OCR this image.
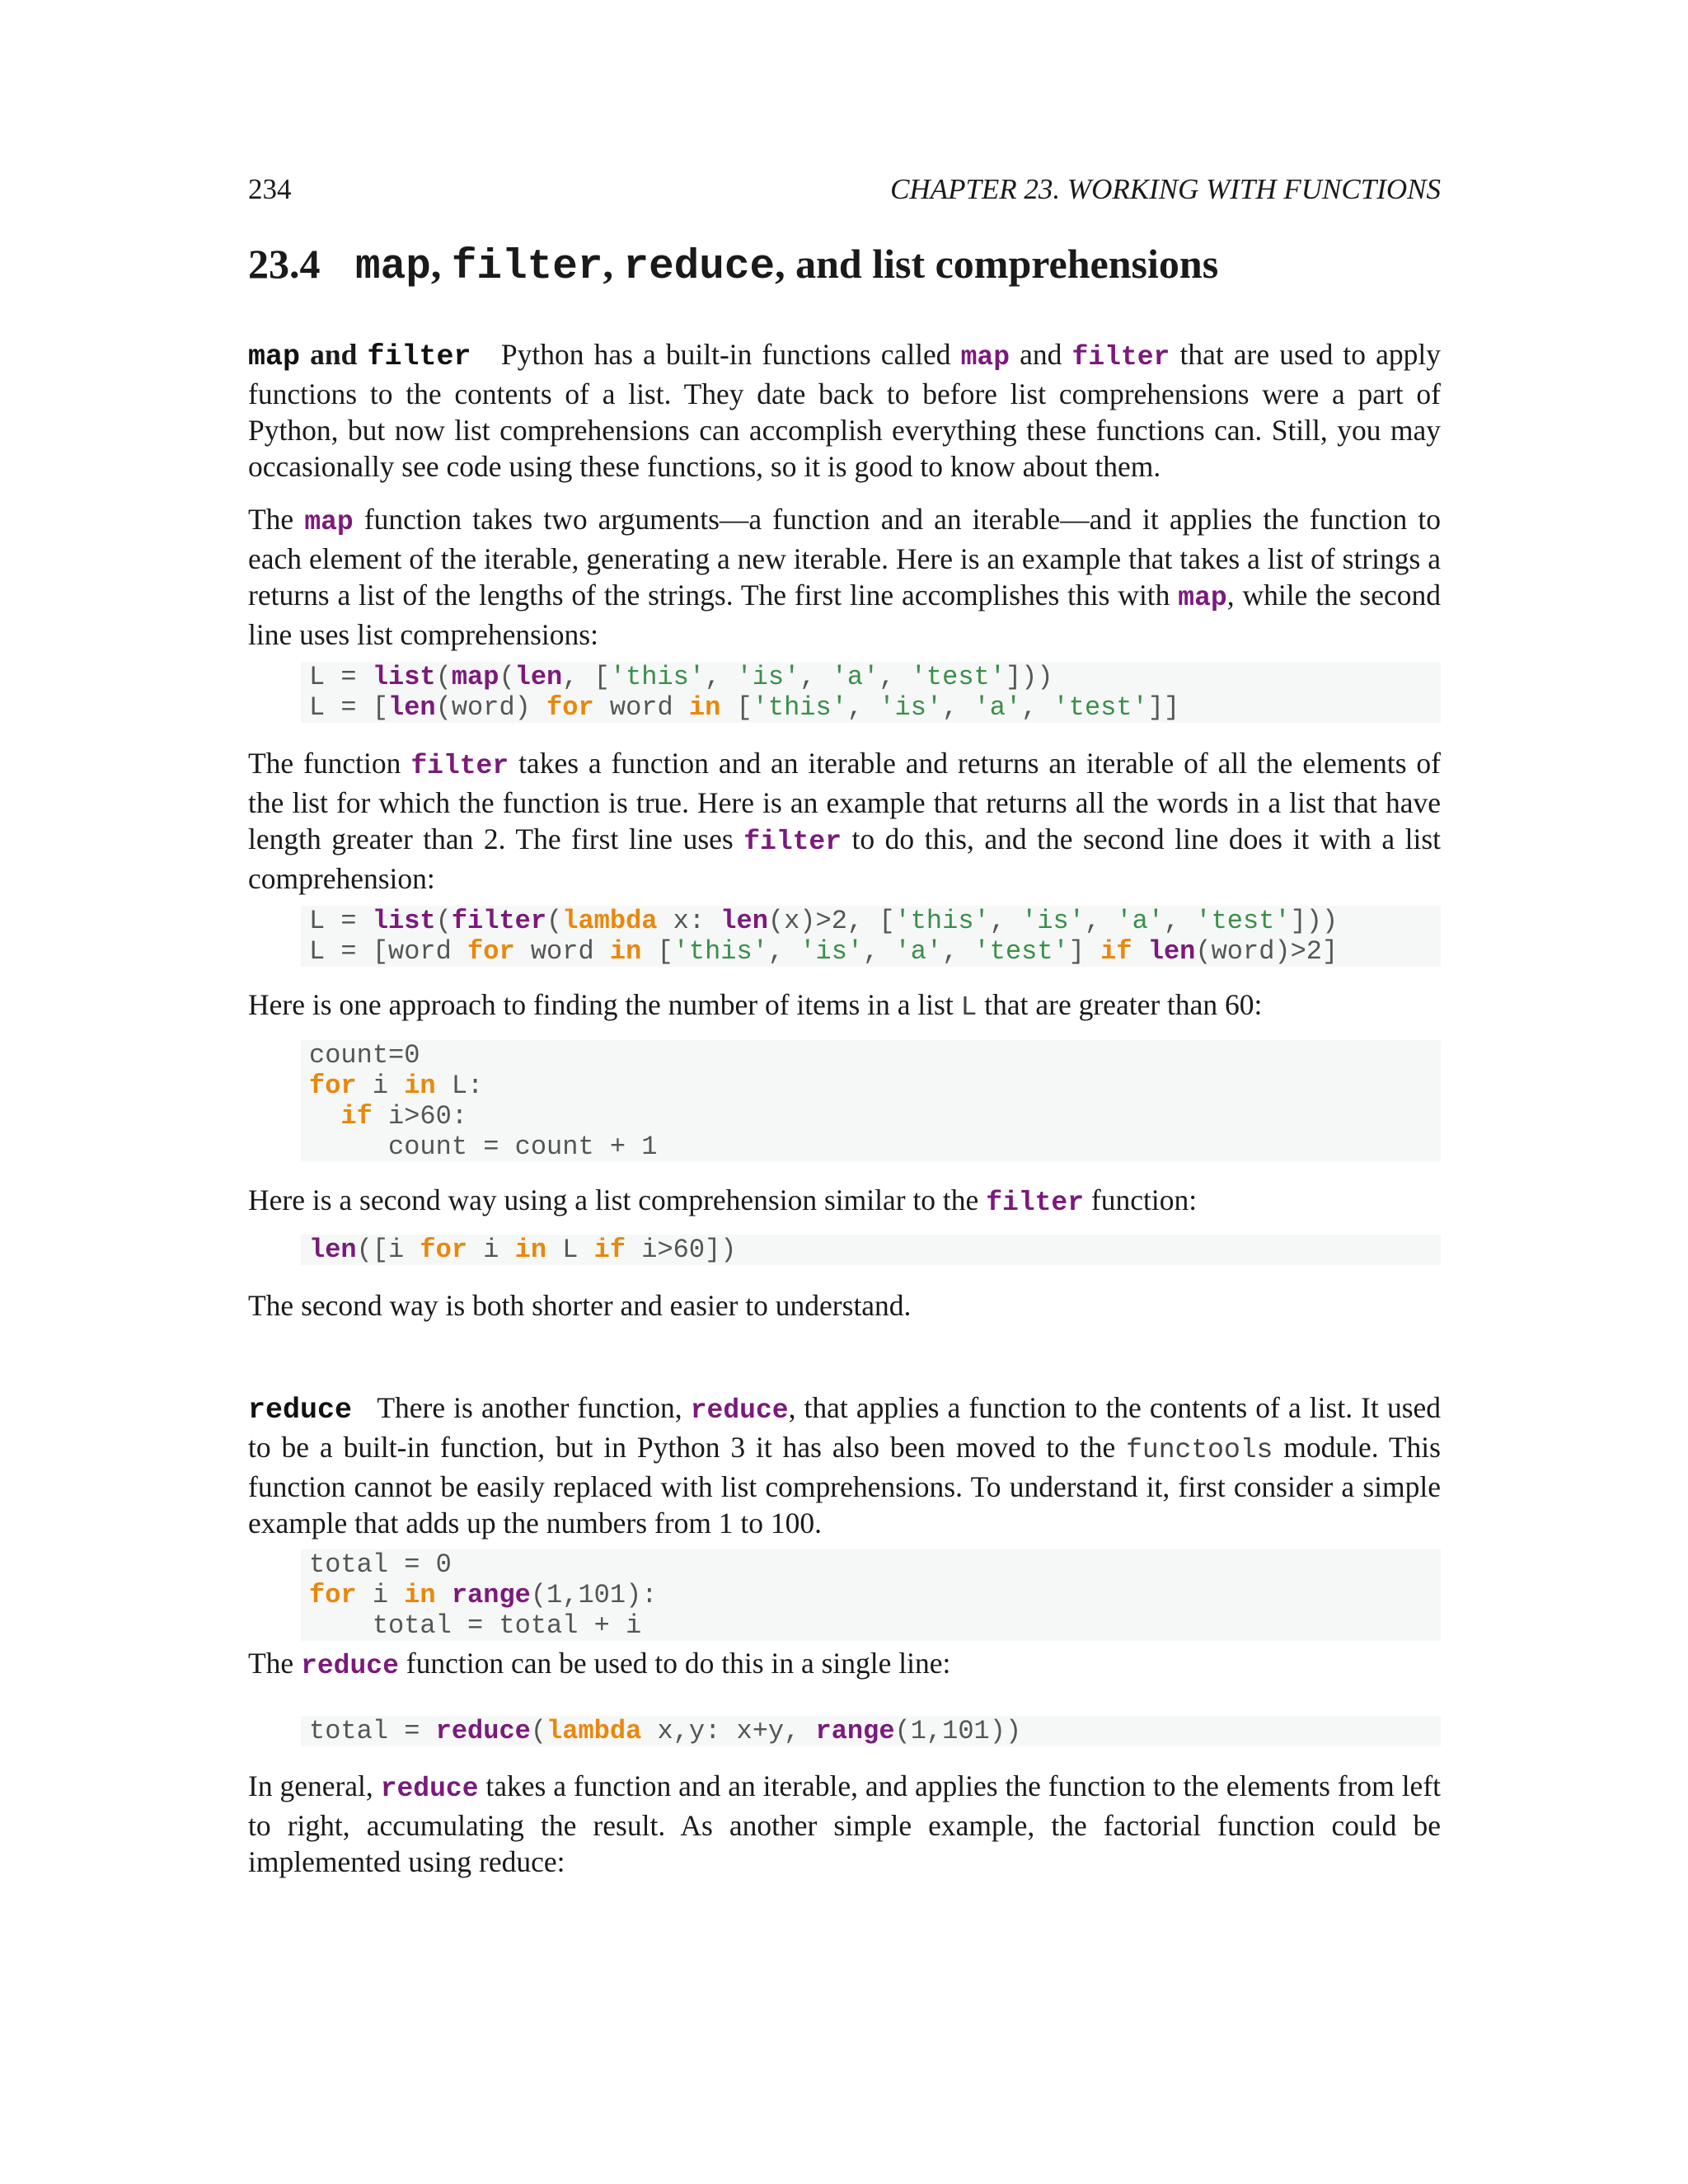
234	CHAPTER 23. WORKING WITH FUNCTIONS
23.4 map, filter, reduce, and list comprehensions

map and filter Python has a built-in functions called map and filter that are used to apply functions to the contents of a list. They date back to before list comprehensions were a part of Python, but now list comprehensions can accomplish everything these functions can. Still, you may occasionally see code using these functions, so it is good to know about them.

The map function takes two arguments—a function and an iterable—and it applies the function to each element of the iterable, generating a new iterable. Here is an example that takes a list of strings a returns a list of the lengths of the strings. The first line accomplishes this with map, while the second line uses list comprehensions:

L = list(map(len, ['this', 'is', 'a', 'test']))
L = [len(word) for word in ['this', 'is', 'a', 'test']]

The function filter takes a function and an iterable and returns an iterable of all the elements of the list for which the function is true. Here is an example that returns all the words in a list that have length greater than 2. The first line uses filter to do this, and the second line does it with a list comprehension:

L = list(filter(lambda x: len(x)>2, ['this', 'is', 'a', 'test']))
L = [word for word in ['this', 'is', 'a', 'test'] if len(word)>2]

Here is one approach to finding the number of items in a list L that are greater than 60:

count=0
for i in L:
if i>60:
count = count + 1

Here is a second way using a list comprehension similar to the filter function:

len([i for i in L if i>60])

The second way is both shorter and easier to understand.

reduce There is another function, reduce, that applies a function to the contents of a list. It used to be a built-in function, but in Python 3 it has also been moved to the functools module. This function cannot be easily replaced with list comprehensions. To understand it, first consider a simple example that adds up the numbers from 1 to 100.

total = 0
for i in range(1,101):
total = total + i

The reduce function can be used to do this in a single line:

total = reduce(lambda x,y: x+y, range(1,101))

In general, reduce takes a function and an iterable, and applies the function to the elements from left to right, accumulating the result. As another simple example, the factorial function could be implemented using reduce:
